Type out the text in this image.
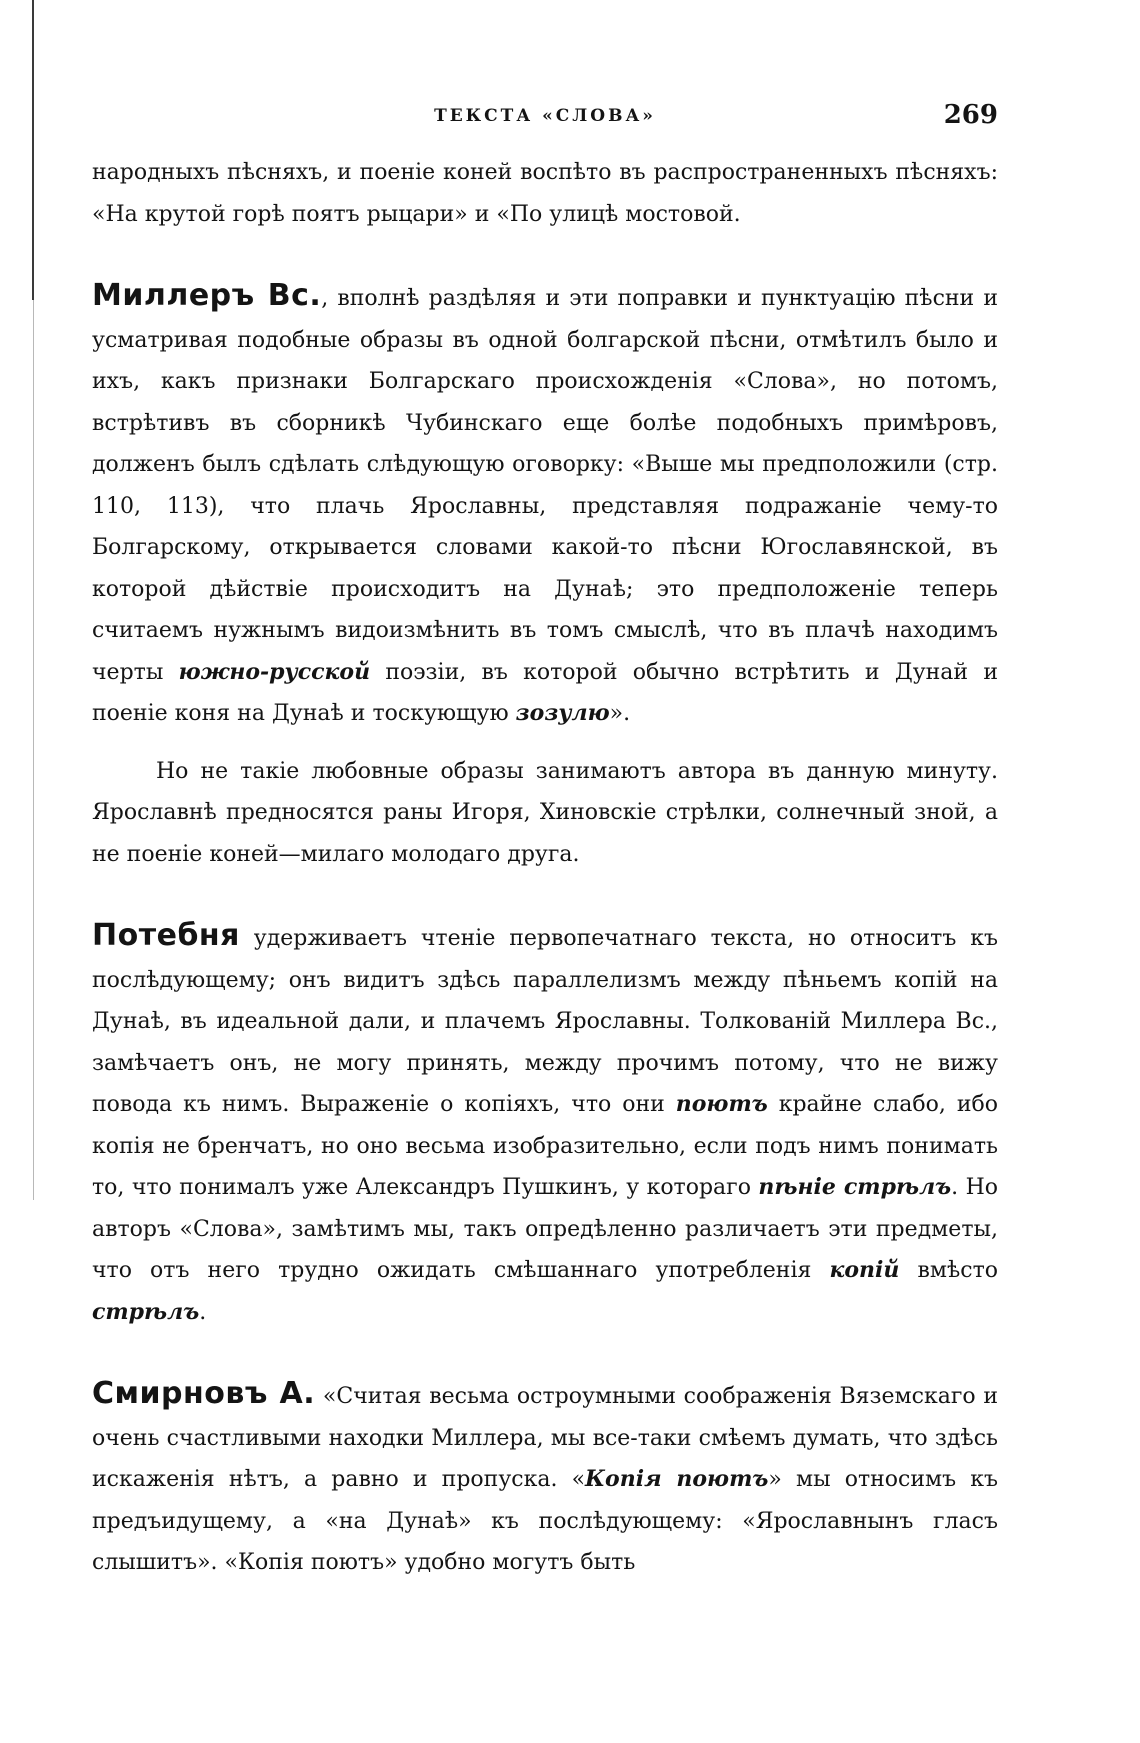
ТЕКСТА «СЛОВА»	269

народныхъ пѣсняхъ, и поеніе коней воспѣто въ распространенныхъ пѣсняхъ: «На крутой горѣ поятъ рыцари» и «По улицѣ мостовой.

Миллеръ Вс., вполнѣ раздѣляя и эти поправки и пунктуацію пѣсни и усматривая подобные образы въ одной болгарской пѣсни, отмѣтилъ было и ихъ, какъ признаки Болгарскаго происхожденія «Слова», но потомъ, встрѣтивъ въ сборникѣ Чубинскаго еще болѣе подобныхъ примѣровъ, долженъ былъ сдѣлать слѣдующую оговорку: «Выше мы предположили (стр. 110, 113), что плачь Ярославны, представляя подражаніе чему-то Болгарскому, открывается словами какой-то пѣсни Югославянской, въ которой дѣйствіе происходитъ на Дунаѣ; это предположеніе теперь считаемъ нужнымъ видоизмѣнить въ томъ смыслѣ, что въ плачѣ находимъ черты южно-русской поэзіи, въ которой обычно встрѣтить и Дунай и поеніе коня на Дунаѣ и тоскующую зозулю».

Но не такіе любовные образы занимаютъ автора въ данную минуту. Ярославнѣ предносятся раны Игоря, Хиновскіе стрѣлки, солнечный зной, а не поеніе коней—милаго молодаго друга.

Потебня удерживаетъ чтеніе первопечатнаго текста, но относитъ къ послѣдующему; онъ видитъ здѣсь параллелизмъ между пѣньемъ копій на Дунаѣ, въ идеальной дали, и плачемъ Ярославны. Толкованій Миллера Вс., замѣчаетъ онъ, не могу принять, между прочимъ потому, что не вижу повода къ нимъ. Выраженіе о копіяхъ, что они поютъ крайне слабо, ибо копія не бренчатъ, но оно весьма изобразительно, если подъ нимъ понимать то, что понималъ уже Александръ Пушкинъ, у котораго пѣніе стрѣлъ. Но авторъ «Слова», замѣтимъ мы, такъ опредѣленно различаетъ эти предметы, что отъ него трудно ожидать смѣшаннаго употребленія копій вмѣсто стрѣлъ.

Смирновъ А. «Считая весьма остроумными соображенія Вяземскаго и очень счастливыми находки Миллера, мы все-таки смѣемъ думать, что здѣсь искаженія нѣтъ, а равно и пропуска. «Копія поютъ» мы относимъ къ предъидущему, а «на Дунаѣ» къ послѣдующему: «Ярославнынъ гласъ слышитъ». «Копія поютъ» удобно могутъ быть
